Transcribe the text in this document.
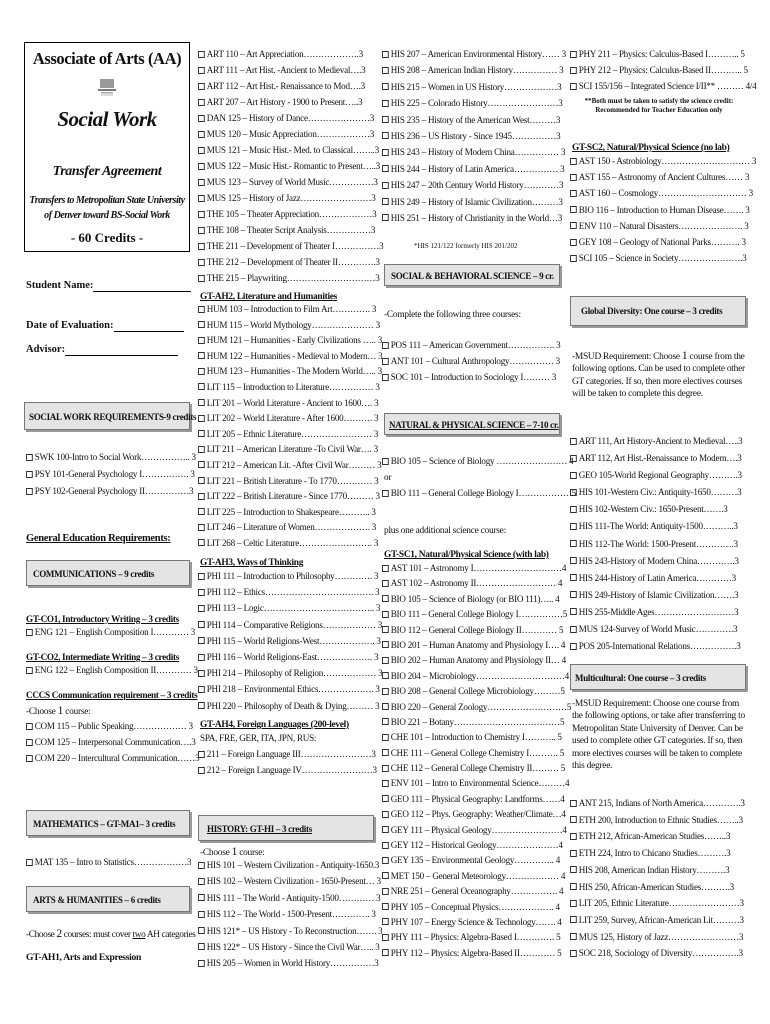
Associate of Arts (AA)
Social Work
Transfer Agreement
Transfers to Metropolitan State University
of Denver toward BS-Social Work
- 60 Credits -
Student Name:
Date of Evaluation:
Advisor:
SOCIAL WORK REQUIREMENTS-9 credits
SWK 100-Intro to Social Work…………….. 3
PSY 101-General Psychology I……………. 3
PSY 102-General Psychology II……………3
General Education Requirements:
COMMUNICATIONS – 9 credits
GT-CO1, Introductory Writing – 3 credits
ENG 121 – English Composition I………… 3
GT-CO2, Intermediate Writing – 3 credits
ENG 122 – English Composition II………… 3
CCCS Communication requirement – 3 credits
-Choose 1 course:
COM 115 – Public Speaking……………… 3
COM 125 – Interpersonal Communication….3
COM 220 – Intercultural Communication……3
MATHEMATICS – GT-MA1– 3 credits
MAT 135 – Intro to Statistics………………3
ARTS & HUMANITIES – 6 credits
-Choose 2 courses: must cover two AH categories
GT-AH1, Arts and Expression
ART 110 – Art Appreciation……………….3
ART 111 – Art Hist. -Ancient to Medieval….3
ART 112 – Art Hist.- Renaissance to Mod….3
ART 207 – Art History - 1900 to Present…..3
DAN 125 – History of Dance…………………3
MUS 120 – Music Appreciation………………3
MUS 121 – Music Hist.- Med. to Classical……..3
MUS 122 – Music Hist.- Romantic to Present…..3
MUS 123 – Survey of World Music……………3
MUS 125 – History of Jazz……………………3
THE 105 – Theater Appreciation………………3
THE 108 – Theater Script Analysis……………3
THE 211 – Development of Theater I……………3
THE 212 – Development of Theater II………….3
THE 215 – Playwriting…………………………3
GT-AH2, Literature and Humanities
HUM 103 – Introduction to Film Art…………. 3
HUM 115 – World Mythology………………… 3
HUM 121 – Humanities - Early Civilizations ….. 3
HUM 122 – Humanities - Medieval to Modern… 3
HUM 123 – Humanities - The Modern World….. 3
LIT 115 – Introduction to Literature…………… 3
LIT 201 – World Literature - Ancient to 1600…. 3
LIT 202 – World Literature - After 1600………. 3
LIT 205 – Ethnic Literature…………………… 3
LIT 211 – American Literature -To Civil War…. 3
LIT 212 – American Lit. -After Civil War……… 3
LIT 221 – British Literature - To 1770………… 3
LIT 222 – British Literature - Since 1770……… 3
LIT 225 – Introduction to Shakespeare……….. 3
LIT 246 – Literature of Women………………. 3
LIT 268 – Celtic Literature……………………. 3
GT-AH3, Ways of Thinking
PHI 111 – Introduction to Philosophy…………. 3
PHI 112 – Ethics………………………………. 3
PHI 113 – Logic……………………………….. 3
PHI 114 – Comparative Religions……………… 3
PHI 115 – World Religions-West………………. 3
PHI 116 – World Religions-East………………. 3
PHI 214 – Philosophy of Religion……………… 3
PHI 218 – Environmental Ethics………………. 3
PHI 220 – Philosophy of Death & Dying……… 3
GT-AH4, Foreign Languages (200-level)
SPA, FRE, GER, ITA, JPN, RUS:
211 – Foreign Language III……………………3
212 – Foreign Language IV……………………3
HISTORY: GT-HI – 3 credits
-Choose 1 course:
HIS 101 – Western Civilization - Antiquity-1650.3
HIS 102 – Western Civilization - 1650-Present… 3
HIS 111 – The World - Antiquity-1500………… 3
HIS 112 – The World - 1500-Present…………. 3
HIS 121* – US History - To Reconstruction……. 3
HIS 122* – US History - Since the Civil War….. 3
HIS 205 – Women in World History……………3
HIS 207 – American Environmental History…… 3
HIS 208 – American Indian History…………… 3
HIS 215 – Women in US History………………3
HIS 225 – Colorado History……………………3
HIS 235 – History of the American West………3
HIS 236 – US History - Since 1945……………3
HIS 243 – History of Modern China…………… 3
HIS 244 – History of Latin America…………… 3
HIS 247 – 20th Century World History…………3
HIS 249 – History of Islamic Civilization………3
HIS 251 – History of Christianity in the World…3
*HIS 121/122 formerly HIS 201/202
SOCIAL & BEHAVIORAL SCIENCE – 9 cr.
-Complete the following three courses:
POS 111 – American Government……………. 3
ANT 101 – Cultural Anthropology…………… 3
SOC 101 – Introduction to Sociology I……… 3
NATURAL & PHYSICAL SCIENCE – 7-10 cr.
BIO 105 – Science of Biology …………………… 4
or
BIO 111 – General College Biology I………………5
plus one additional science course:
GT-SC1, Natural/Physical Science (with lab)
AST 101 – Astronomy I…………………………4
AST 102 – Astronomy II……………………… 4
BIO 105 – Science of Biology (or BIO 111)….. 4
BIO 111 – General College Biology I……………5
BIO 112 – General College Biology II………… 5
BIO 201 – Human Anatomy and Physiology I…. 4
BIO 202 – Human Anatomy and Physiology II… 4
BIO 204 – Microbiology…………………………4
BIO 208 – General College Microbiology………5
BIO 220 – General Zoology………………………5
BIO 221 – Botany………………………………5
CHE 101 – Introduction to Chemistry I……….. 5
CHE 111 – General College Chemistry I………. 5
CHE 112 – General College Chemistry II……… 5
ENV 101 – Intro to Environmental Science………4
GEO 111 – Physical Geography: Landforms……4
GEO 112 – Phys. Geography: Weather/Climate…4
GEY 111 – Physical Geology……………………4
GEY 112 – Historical Geology…………………4
GEY 135 – Environmental Geology………….. 4
MET 150 – General Meteorology……………… 4
NRE 251 – General Oceanography……………. 4
PHY 105 – Conceptual Physics………………. 4
PHY 107 – Energy Science & Technology……. 4
PHY 111 – Physics: Algebra-Based I…………. 5
PHY 112 – Physics: Algebra-Based II………… 5
PHY 211 – Physics: Calculus-Based I……….. 5
PHY 212 – Physics: Calculus-Based II……….. 5
SCI 155/156 – Integrated Science I/II** ……… 4/4
**Both must be taken to satisfy the science credit:
Recommended for Teacher Education only
GT-SC2, Natural/Physical Science (no lab)
AST 150 - Astrobiology………………………… 3
AST 155 – Astronomy of Ancient Cultures…… 3
AST 160 – Cosmology………………………… 3
BIO 116 – Introduction to Human Disease……. 3
ENV 110 – Natural Disasters…………………. 3
GEY 108 – Geology of National Parks………. 3
SCI 105 – Science in Society………………….3
Global Diversity: One course – 3 credits
-MSUD Requirement: Choose 1 course from the following options. Can be used to complete other GT categories. If so, then more electives courses will be taken to complete this degree.
ART 111, Art History-Ancient to Medieval…..3
ART 112, Art Hist.-Renaissance to Modern….3
GEO 105-World Regional Geography……….3
HIS 101-Western Civ.: Antiquity-1650………3
HIS 102-Western Civ.: 1650-Present…….3
HIS 111-The World: Antiquity-1500………..3
HIS 112-The World: 1500-Present………….3
HIS 243-History of Modern China………….3
HIS 244-History of Latin America…………3
HIS 249-History of Islamic Civilization…….3
HIS 255-Middle Ages………………………3
MUS 124-Survey of World Music………….3
POS 205-International Relations…………….3
Multicultural: One course – 3 credits
-MSUD Requirement: Choose one course from the following options, or take after transferring to Metropolitan State University of Denver. Can be used to complete other GT categories. If so, then more electives courses will be taken to complete this degree.
ANT 215, Indians of North America………….3
ETH 200, Introduction to Ethnic Studies……..3
ETH 212, African-American Studies……..3
ETH 224, Intro to Chicano Studies……….3
HIS 208, American Indian History……….3
HIS 250, African-American Studies……….3
LIT 205, Ethnic Literature……………………3
LIT 259, Survey, African-American Lit………3
MUS 125, History of Jazz……………………3
SOC 218, Sociology of Diversity…………….3
